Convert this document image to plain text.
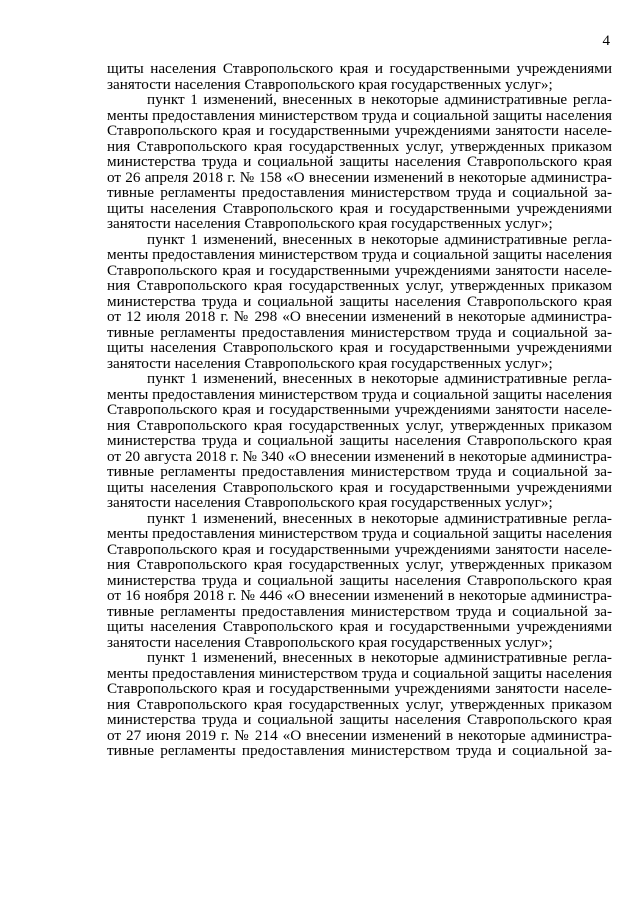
4
щиты населения Ставропольского края и государственными учреждениями
занятости населения Ставропольского края государственных услуг»;
пункт 1 изменений, внесенных в некоторые административные регла-
менты предоставления министерством труда и социальной защиты населения
Ставропольского края и государственными учреждениями занятости населе-
ния Ставропольского края государственных услуг, утвержденных приказом
министерства труда и социальной защиты населения Ставропольского края
от 26 апреля 2018 г. № 158 «О внесении изменений в некоторые администра-
тивные регламенты предоставления министерством труда и социальной за-
щиты населения Ставропольского края и государственными учреждениями
занятости населения Ставропольского края государственных услуг»;
пункт 1 изменений, внесенных в некоторые административные регла-
менты предоставления министерством труда и социальной защиты населения
Ставропольского края и государственными учреждениями занятости населе-
ния Ставропольского края государственных услуг, утвержденных приказом
министерства труда и социальной защиты населения Ставропольского края
от 12 июля 2018 г. № 298 «О внесении изменений в некоторые администра-
тивные регламенты предоставления министерством труда и социальной за-
щиты населения Ставропольского края и государственными учреждениями
занятости населения Ставропольского края государственных услуг»;
пункт 1 изменений, внесенных в некоторые административные регла-
менты предоставления министерством труда и социальной защиты населения
Ставропольского края и государственными учреждениями занятости населе-
ния Ставропольского края государственных услуг, утвержденных приказом
министерства труда и социальной защиты населения Ставропольского края
от 20 августа 2018 г. № 340 «О внесении изменений в некоторые администра-
тивные регламенты предоставления министерством труда и социальной за-
щиты населения Ставропольского края и государственными учреждениями
занятости населения Ставропольского края государственных услуг»;
пункт 1 изменений, внесенных в некоторые административные регла-
менты предоставления министерством труда и социальной защиты населения
Ставропольского края и государственными учреждениями занятости населе-
ния Ставропольского края государственных услуг, утвержденных приказом
министерства труда и социальной защиты населения Ставропольского края
от 16 ноября 2018 г. № 446 «О внесении изменений в некоторые администра-
тивные регламенты предоставления министерством труда и социальной за-
щиты населения Ставропольского края и государственными учреждениями
занятости населения Ставропольского края государственных услуг»;
пункт 1 изменений, внесенных в некоторые административные регла-
менты предоставления министерством труда и социальной защиты населения
Ставропольского края и государственными учреждениями занятости населе-
ния Ставропольского края государственных услуг, утвержденных приказом
министерства труда и социальной защиты населения Ставропольского края
от 27 июня 2019 г. № 214 «О внесении изменений в некоторые администра-
тивные регламенты предоставления министерством труда и социальной за-
